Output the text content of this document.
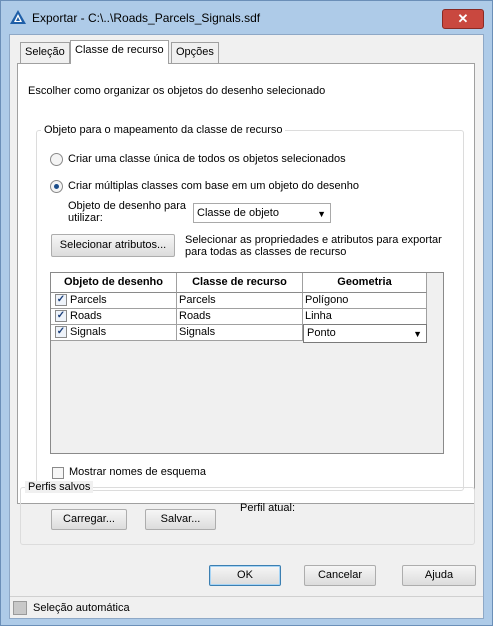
Exportar - C:\..\Roads_Parcels_Signals.sdf	✕
Seleção Classe de recurso	Opções
Escolher como organizar os objetos do desenho selecionado
Objeto para o mapeamento da classe de recurso
Criar uma classe única de todos os objetos selecionados
Criar múltiplas classes com base em um objeto do desenho
Objeto de desenho para
utilizar:	Classe de objeto	▼
Selecionar atributos...	Selecionar as propriedades e atributos para exportar
para todas as classes de recurso
Objeto de desenho	Classe de recurso	Geometria
✓ Parcels	Parcels	Polígono
✓ Roads	Roads	Linha
✓ Signals	Signals	Ponto	▼
Mostrar nomes de esquema
Perfis salvos
Carregar...	Salvar...
Perfil atual:
OK	Cancelar	Ajuda
Seleção automática
